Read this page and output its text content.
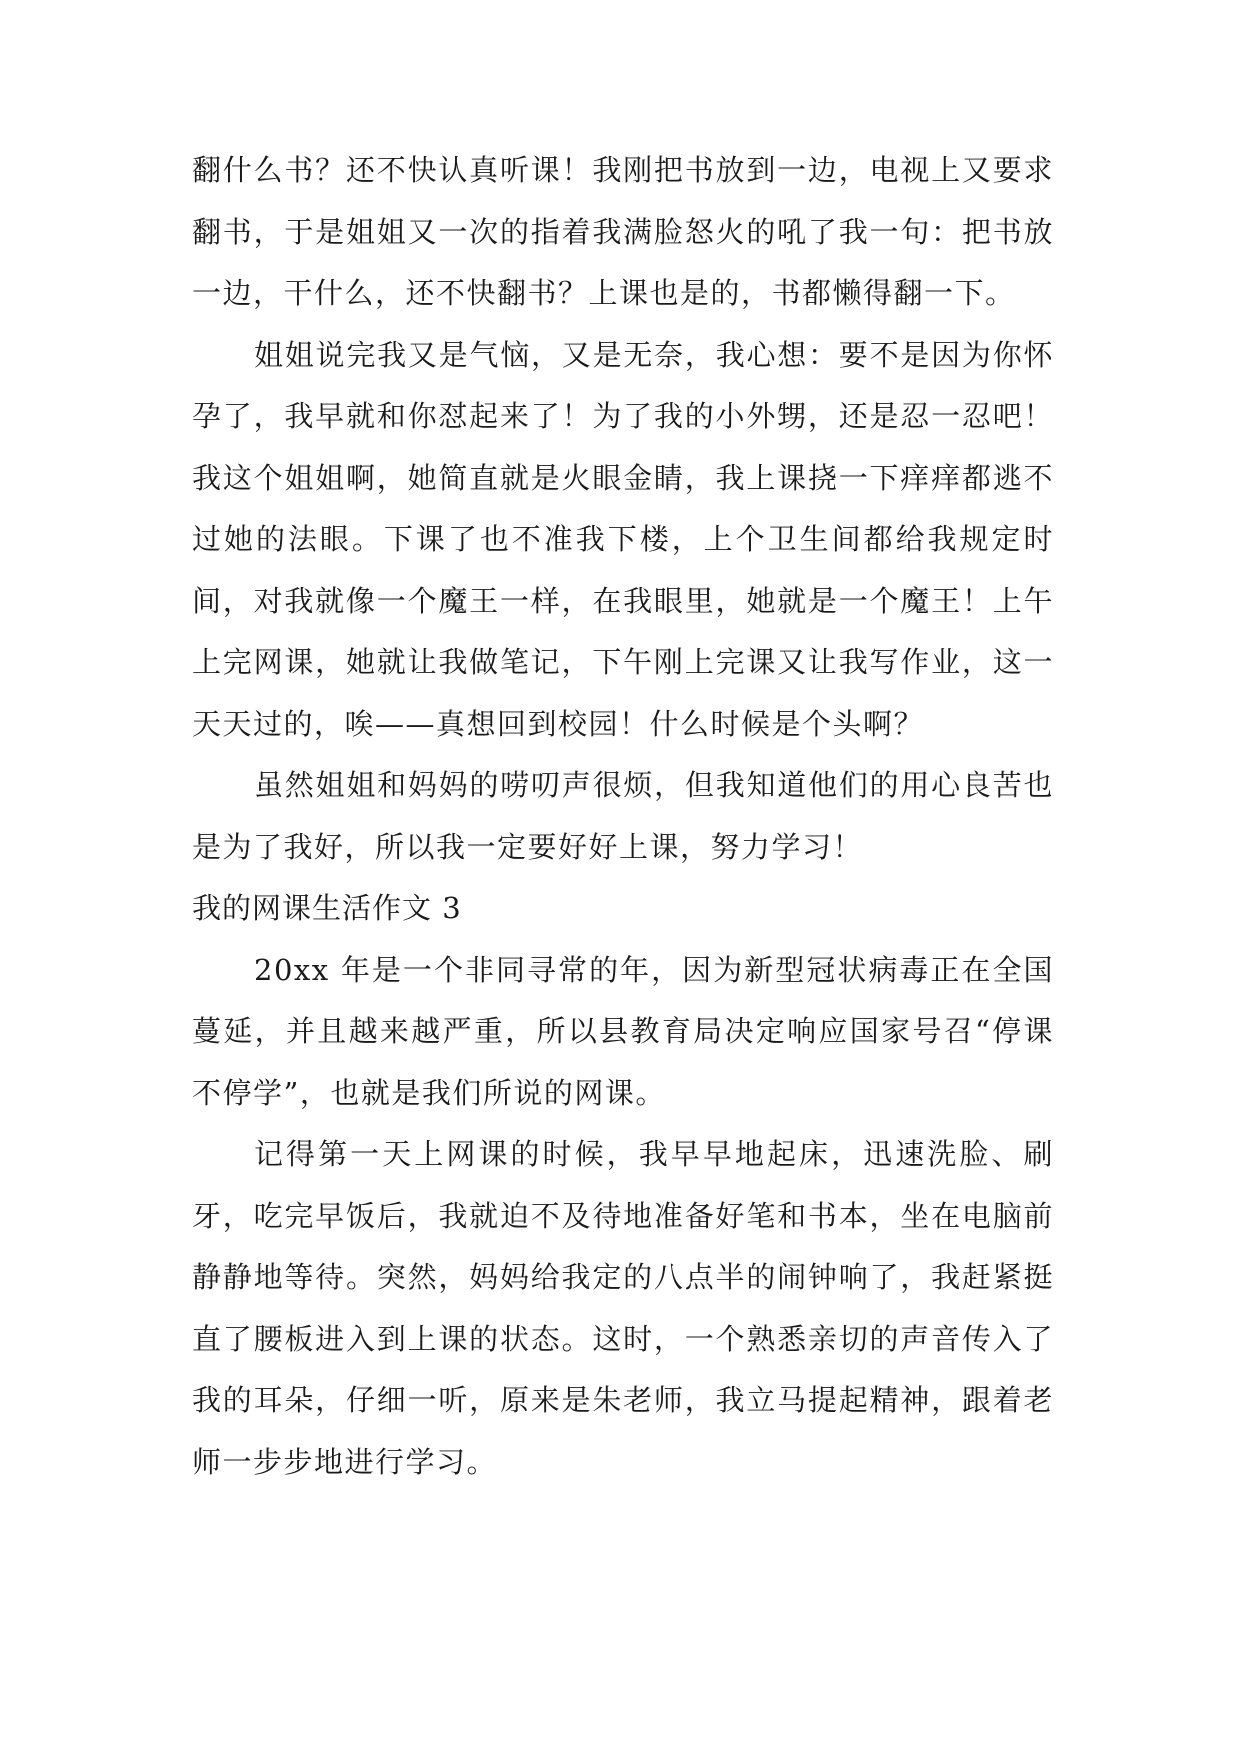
翻什么书？还不快认真听课！我刚把书放到一边，电视上又要求翻书，于是姐姐又一次的指着我满脸怒火的吼了我一句：把书放一边，干什么，还不快翻书？上课也是的，书都懒得翻一下。

姐姐说完我又是气恼，又是无奈，我心想：要不是因为你怀孕了，我早就和你怼起来了！为了我的小外甥，还是忍一忍吧！我这个姐姐啊，她简直就是火眼金睛，我上课挠一下痒痒都逃不过她的法眼。下课了也不准我下楼，上个卫生间都给我规定时间，对我就像一个魔王一样，在我眼里，她就是一个魔王！上午上完网课，她就让我做笔记，下午刚上完课又让我写作业，这一天天过的，唉——真想回到校园！什么时候是个头啊？

虽然姐姐和妈妈的唠叨声很烦，但我知道他们的用心良苦也是为了我好，所以我一定要好好上课，努力学习！

我的网课生活作文 3

20xx 年是一个非同寻常的年，因为新型冠状病毒正在全国蔓延，并且越来越严重，所以县教育局决定响应国家号召“停课不停学”，也就是我们所说的网课。

记得第一天上网课的时候，我早早地起床，迅速洗脸、刷牙，吃完早饭后，我就迫不及待地准备好笔和书本，坐在电脑前静静地等待。突然，妈妈给我定的八点半的闹钟响了，我赶紧挺直了腰板进入到上课的状态。这时，一个熟悉亲切的声音传入了我的耳朵，仔细一听，原来是朱老师，我立马提起精神，跟着老师一步步地进行学习。
